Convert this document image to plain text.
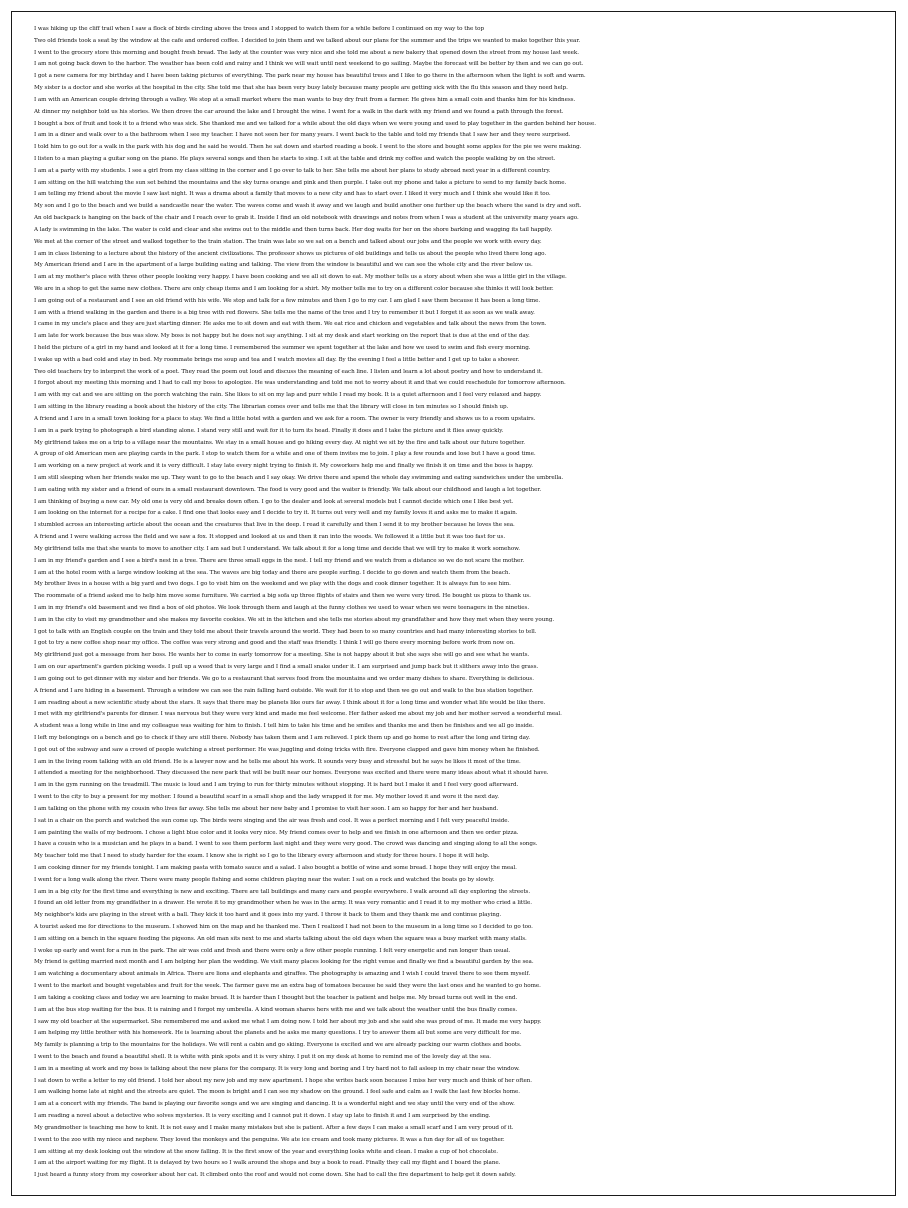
I was hiking up the cliff trail when I saw a flock of birds circling above the trees and I stopped to watch them for a while before I continued on my way to the top
Two old friends took a seat by the window at the cafe and ordered coffee. I decided to join them and we talked about our plans for the summer and the trips we wanted to make together this year.
I went to the grocery store this morning and bought fresh bread. The lady at the counter was very nice and she told me about a new bakery that opened down the street from my house last week.
I am not going back down to the harbor. The weather has been cold and rainy and I think we will wait until next weekend to go sailing. Maybe the forecast will be better by then and we can go out.
I got a new camera for my birthday and I have been taking pictures of everything. The park near my house has beautiful trees and I like to go there in the afternoon when the light is soft and warm.
My sister is a doctor and she works at the hospital in the city. She told me that she has been very busy lately because many people are getting sick with the flu this season and they need help.
I am with an American couple driving through a valley. We stop at a small market where the man wants to buy dry fruit from a farmer. He gives him a small coin and thanks him for his kindness.
At dinner my neighbor told us his stories. We then drove the car around the lake and I brought the wine. I went for a walk in the dark with my friend and we found a path through the forest.
I bought a box of fruit and took it to a friend who was sick. She thanked me and we talked for a while about the old days when we were young and used to play together in the garden behind her house.
I am in a diner and walk over to a the bathroom when I see my teacher. I have not seen her for many years. I went back to the table and told my friends that I saw her and they were surprised.
I told him to go out for a walk in the park with his dog and he said he would. Then he sat down and started reading a book. I went to the store and bought some apples for the pie we were making.
I listen to a man playing a guitar song on the piano. He plays several songs and then he starts to sing. I sit at the table and drink my coffee and watch the people walking by on the street.
I am at a party with my students. I see a girl from my class sitting in the corner and I go over to talk to her. She tells me about her plans to study abroad next year in a different country.
I am sitting on the hill watching the sun set behind the mountains and the sky turns orange and pink and then purple. I take out my phone and take a picture to send to my family back home.
I am telling my friend about the movie I saw last night. It was a drama about a family that moves to a new city and has to start over. I liked it very much and I think she would like it too.
My son and I go to the beach and we build a sandcastle near the water. The waves come and wash it away and we laugh and build another one further up the beach where the sand is dry and soft.
An old backpack is hanging on the back of the chair and I reach over to grab it. Inside I find an old notebook with drawings and notes from when I was a student at the university many years ago.
A lady is swimming in the lake. The water is cold and clear and she swims out to the middle and then turns back. Her dog waits for her on the shore barking and wagging its tail happily.
We met at the corner of the street and walked together to the train station. The train was late so we sat on a bench and talked about our jobs and the people we work with every day.
I am in class listening to a lecture about the history of the ancient civilizations. The professor shows us pictures of old buildings and tells us about the people who lived there long ago.
My American friend and I are in the apartment of a large building eating and talking. The view from the window is beautiful and we can see the whole city and the river below us.
I am at my mother's place with three other people looking very happy. I have been cooking and we all sit down to eat. My mother tells us a story about when she was a little girl in the village.
We are in a shop to get the same new clothes. There are only cheap items and I am looking for a shirt. My mother tells me to try on a different color because she thinks it will look better.
I am going out of a restaurant and I see an old friend with his wife. We stop and talk for a few minutes and then I go to my car. I am glad I saw them because it has been a long time.
I am with a friend walking in the garden and there is a big tree with red flowers. She tells me the name of the tree and I try to remember it but I forget it as soon as we walk away.
I came in my uncle's place and they are just starting dinner. He asks me to sit down and eat with them. We eat rice and chicken and vegetables and talk about the news from the town.
I am late for work because the bus was slow. My boss is not happy but he does not say anything. I sit at my desk and start working on the report that is due at the end of the day.
I held the picture of a girl in my hand and looked at it for a long time. I remembered the summer we spent together at the lake and how we used to swim and fish every morning.
I wake up with a bad cold and stay in bed. My roommate brings me soup and tea and I watch movies all day. By the evening I feel a little better and I get up to take a shower.
Two old teachers try to interpret the work of a poet. They read the poem out loud and discuss the meaning of each line. I listen and learn a lot about poetry and how to understand it.
I forgot about my meeting this morning and I had to call my boss to apologize. He was understanding and told me not to worry about it and that we could reschedule for tomorrow afternoon.
I am with my cat and we are sitting on the porch watching the rain. She likes to sit on my lap and purr while I read my book. It is a quiet afternoon and I feel very relaxed and happy.
I am sitting in the library reading a book about the history of the city. The librarian comes over and tells me that the library will close in ten minutes so I should finish up.
A friend and I are in a small town looking for a place to stay. We find a little hotel with a garden and we ask for a room. The owner is very friendly and shows us to a room upstairs.
I am in a park trying to photograph a bird standing alone. I stand very still and wait for it to turn its head. Finally it does and I take the picture and it flies away quickly.
My girlfriend takes me on a trip to a village near the mountains. We stay in a small house and go hiking every day. At night we sit by the fire and talk about our future together.
A group of old American men are playing cards in the park. I stop to watch them for a while and one of them invites me to join. I play a few rounds and lose but I have a good time.
I am working on a new project at work and it is very difficult. I stay late every night trying to finish it. My coworkers help me and finally we finish it on time and the boss is happy.
I am still sleeping when her friends wake me up. They want to go to the beach and I say okay. We drive there and spend the whole day swimming and eating sandwiches under the umbrella.
I am eating with my sister and a friend of ours in a small restaurant downtown. The food is very good and the waiter is friendly. We talk about our childhood and laugh a lot together.
I am thinking of buying a new car. My old one is very old and breaks down often. I go to the dealer and look at several models but I cannot decide which one I like best yet.
I am looking on the internet for a recipe for a cake. I find one that looks easy and I decide to try it. It turns out very well and my family loves it and asks me to make it again.
I stumbled across an interesting article about the ocean and the creatures that live in the deep. I read it carefully and then I send it to my brother because he loves the sea.
A friend and I were walking across the field and we saw a fox. It stopped and looked at us and then it ran into the woods. We followed it a little but it was too fast for us.
My girlfriend tells me that she wants to move to another city. I am sad but I understand. We talk about it for a long time and decide that we will try to make it work somehow.
I am in my friend's garden and I see a bird's nest in a tree. There are three small eggs in the nest. I tell my friend and we watch from a distance so we do not scare the mother.
I am at the hotel room with a large window looking at the sea. The waves are big today and there are people surfing. I decide to go down and watch them from the beach.
My brother lives in a house with a big yard and two dogs. I go to visit him on the weekend and we play with the dogs and cook dinner together. It is always fun to see him.
The roommate of a friend asked me to help him move some furniture. We carried a big sofa up three flights of stairs and then we were very tired. He bought us pizza to thank us.
I am in my friend's old basement and we find a box of old photos. We look through them and laugh at the funny clothes we used to wear when we were teenagers in the nineties.
I am in the city to visit my grandmother and she makes my favorite cookies. We sit in the kitchen and she tells me stories about my grandfather and how they met when they were young.
I got to talk with an English couple on the train and they told me about their travels around the world. They had been to so many countries and had many interesting stories to tell.
I got to try a new coffee shop near my office. The coffee was very strong and good and the staff was friendly. I think I will go there every morning before work from now on.
My girlfriend just got a message from her boss. He wants her to come in early tomorrow for a meeting. She is not happy about it but she says she will go and see what he wants.
I am on our apartment's garden picking weeds. I pull up a weed that is very large and I find a small snake under it. I am surprised and jump back but it slithers away into the grass.
I am going out to get dinner with my sister and her friends. We go to a restaurant that serves food from the mountains and we order many dishes to share. Everything is delicious.
A friend and I are hiding in a basement. Through a window we can see the rain falling hard outside. We wait for it to stop and then we go out and walk to the bus station together.
I am reading about a new scientific study about the stars. It says that there may be planets like ours far away. I think about it for a long time and wonder what life would be like there.
I met with my girlfriend's parents for dinner. I was nervous but they were very kind and made me feel welcome. Her father asked me about my job and her mother served a wonderful meal.
A student was a long while in line and my colleague was waiting for him to finish. I tell him to take his time and he smiles and thanks me and then he finishes and we all go inside.
I left my belongings on a bench and go to check if they are still there. Nobody has taken them and I am relieved. I pick them up and go home to rest after the long and tiring day.
I got out of the subway and saw a crowd of people watching a street performer. He was juggling and doing tricks with fire. Everyone clapped and gave him money when he finished.
I am in the living room talking with an old friend. He is a lawyer now and he tells me about his work. It sounds very busy and stressful but he says he likes it most of the time.
I attended a meeting for the neighborhood. They discussed the new park that will be built near our homes. Everyone was excited and there were many ideas about what it should have.
I am in the gym running on the treadmill. The music is loud and I am trying to run for thirty minutes without stopping. It is hard but I make it and I feel very good afterward.
I went to the city to buy a present for my mother. I found a beautiful scarf in a small shop and the lady wrapped it for me. My mother loved it and wore it the next day.
I am talking on the phone with my cousin who lives far away. She tells me about her new baby and I promise to visit her soon. I am so happy for her and her husband.
I sat in a chair on the porch and watched the sun come up. The birds were singing and the air was fresh and cool. It was a perfect morning and I felt very peaceful inside.
I am painting the walls of my bedroom. I chose a light blue color and it looks very nice. My friend comes over to help and we finish in one afternoon and then we order pizza.
I have a cousin who is a musician and he plays in a band. I went to see them perform last night and they were very good. The crowd was dancing and singing along to all the songs.
My teacher told me that I need to study harder for the exam. I know she is right so I go to the library every afternoon and study for three hours. I hope it will help.
I am cooking dinner for my friends tonight. I am making pasta with tomato sauce and a salad. I also bought a bottle of wine and some bread. I hope they will enjoy the meal.
I went for a long walk along the river. There were many people fishing and some children playing near the water. I sat on a rock and watched the boats go by slowly.
I am in a big city for the first time and everything is new and exciting. There are tall buildings and many cars and people everywhere. I walk around all day exploring the streets.
I found an old letter from my grandfather in a drawer. He wrote it to my grandmother when he was in the army. It was very romantic and I read it to my mother who cried a little.
My neighbor's kids are playing in the street with a ball. They kick it too hard and it goes into my yard. I throw it back to them and they thank me and continue playing.
A tourist asked me for directions to the museum. I showed him on the map and he thanked me. Then I realized I had not been to the museum in a long time so I decided to go too.
I am sitting on a bench in the square feeding the pigeons. An old man sits next to me and starts talking about the old days when the square was a busy market with many stalls.
I woke up early and went for a run in the park. The air was cold and fresh and there were only a few other people running. I felt very energetic and ran longer than usual.
My friend is getting married next month and I am helping her plan the wedding. We visit many places looking for the right venue and finally we find a beautiful garden by the sea.
I am watching a documentary about animals in Africa. There are lions and elephants and giraffes. The photography is amazing and I wish I could travel there to see them myself.
I went to the market and bought vegetables and fruit for the week. The farmer gave me an extra bag of tomatoes because he said they were the last ones and he wanted to go home.
I am taking a cooking class and today we are learning to make bread. It is harder than I thought but the teacher is patient and helps me. My bread turns out well in the end.
I am at the bus stop waiting for the bus. It is raining and I forgot my umbrella. A kind woman shares hers with me and we talk about the weather until the bus finally comes.
I saw my old teacher at the supermarket. She remembered me and asked me what I am doing now. I told her about my job and she said she was proud of me. It made me very happy.
I am helping my little brother with his homework. He is learning about the planets and he asks me many questions. I try to answer them all but some are very difficult for me.
My family is planning a trip to the mountains for the holidays. We will rent a cabin and go skiing. Everyone is excited and we are already packing our warm clothes and boots.
I went to the beach and found a beautiful shell. It is white with pink spots and it is very shiny. I put it on my desk at home to remind me of the lovely day at the sea.
I am in a meeting at work and my boss is talking about the new plans for the company. It is very long and boring and I try hard not to fall asleep in my chair near the window.
I sat down to write a letter to my old friend. I told her about my new job and my new apartment. I hope she writes back soon because I miss her very much and think of her often.
I am walking home late at night and the streets are quiet. The moon is bright and I can see my shadow on the ground. I feel safe and calm as I walk the last few blocks home.
I am at a concert with my friends. The band is playing our favorite songs and we are singing and dancing. It is a wonderful night and we stay until the very end of the show.
I am reading a novel about a detective who solves mysteries. It is very exciting and I cannot put it down. I stay up late to finish it and I am surprised by the ending.
My grandmother is teaching me how to knit. It is not easy and I make many mistakes but she is patient. After a few days I can make a small scarf and I am very proud of it.
I went to the zoo with my niece and nephew. They loved the monkeys and the penguins. We ate ice cream and took many pictures. It was a fun day for all of us together.
I am sitting at my desk looking out the window at the snow falling. It is the first snow of the year and everything looks white and clean. I make a cup of hot chocolate.
I am at the airport waiting for my flight. It is delayed by two hours so I walk around the shops and buy a book to read. Finally they call my flight and I board the plane.
I just heard a funny story from my coworker about her cat. It climbed onto the roof and would not come down. She had to call the fire department to help get it down safely.
